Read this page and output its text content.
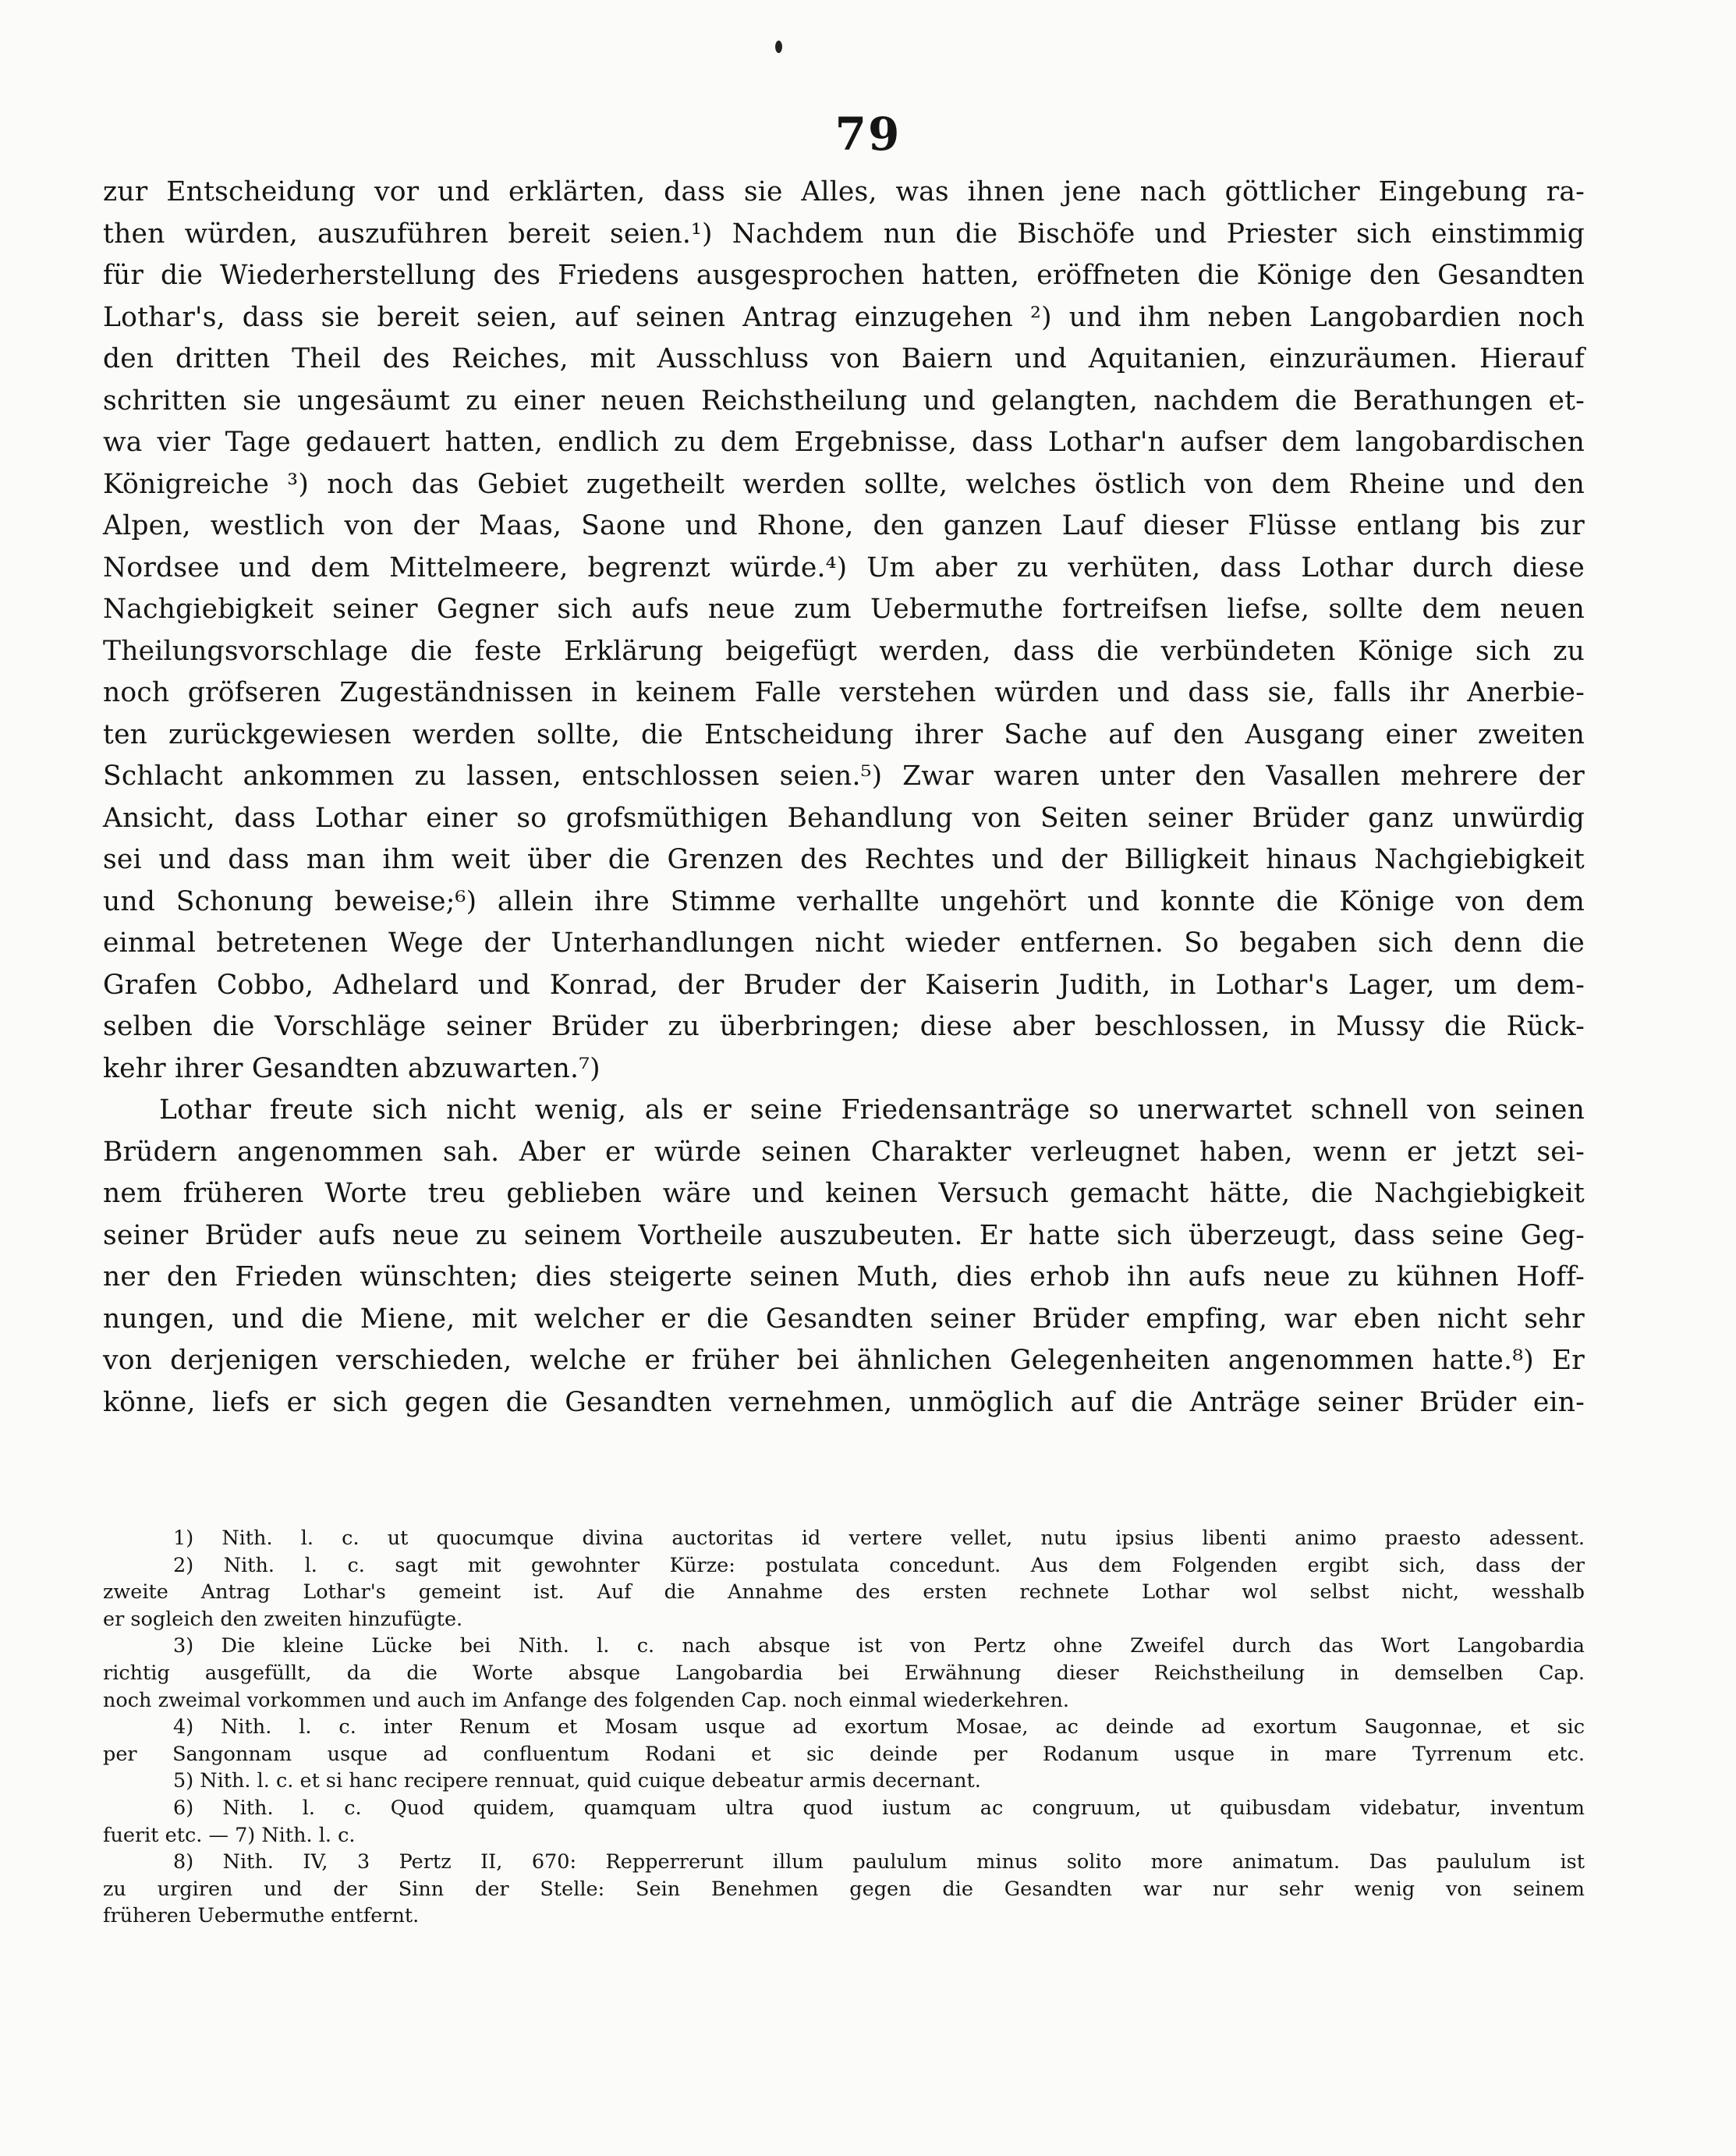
79
zur Entscheidung vor und erklärten, dass sie Alles, was ihnen jene nach göttlicher Eingebung ra-
then würden, auszuführen bereit seien.¹) Nachdem nun die Bischöfe und Priester sich einstimmig
für die Wiederherstellung des Friedens ausgesprochen hatten, eröffneten die Könige den Gesandten
Lothar's, dass sie bereit seien, auf seinen Antrag einzugehen ²) und ihm neben Langobardien noch
den dritten Theil des Reiches, mit Ausschluss von Baiern und Aquitanien, einzuräumen. Hierauf
schritten sie ungesäumt zu einer neuen Reichstheilung und gelangten, nachdem die Berathungen et-
wa vier Tage gedauert hatten, endlich zu dem Ergebnisse, dass Lothar'n aufser dem langobardischen
Königreiche ³) noch das Gebiet zugetheilt werden sollte, welches östlich von dem Rheine und den
Alpen, westlich von der Maas, Saone und Rhone, den ganzen Lauf dieser Flüsse entlang bis zur
Nordsee und dem Mittelmeere, begrenzt würde.⁴) Um aber zu verhüten, dass Lothar durch diese
Nachgiebigkeit seiner Gegner sich aufs neue zum Uebermuthe fortreifsen liefse, sollte dem neuen
Theilungsvorschlage die feste Erklärung beigefügt werden, dass die verbündeten Könige sich zu
noch gröfseren Zugeständnissen in keinem Falle verstehen würden und dass sie, falls ihr Anerbie-
ten zurückgewiesen werden sollte, die Entscheidung ihrer Sache auf den Ausgang einer zweiten
Schlacht ankommen zu lassen, entschlossen seien.⁵) Zwar waren unter den Vasallen mehrere der
Ansicht, dass Lothar einer so grofsmüthigen Behandlung von Seiten seiner Brüder ganz unwürdig
sei und dass man ihm weit über die Grenzen des Rechtes und der Billigkeit hinaus Nachgiebigkeit
und Schonung beweise;⁶) allein ihre Stimme verhallte ungehört und konnte die Könige von dem
einmal betretenen Wege der Unterhandlungen nicht wieder entfernen. So begaben sich denn die
Grafen Cobbo, Adhelard und Konrad, der Bruder der Kaiserin Judith, in Lothar's Lager, um dem-
selben die Vorschläge seiner Brüder zu überbringen; diese aber beschlossen, in Mussy die Rück-
kehr ihrer Gesandten abzuwarten.⁷)
Lothar freute sich nicht wenig, als er seine Friedensanträge so unerwartet schnell von seinen
Brüdern angenommen sah. Aber er würde seinen Charakter verleugnet haben, wenn er jetzt sei-
nem früheren Worte treu geblieben wäre und keinen Versuch gemacht hätte, die Nachgiebigkeit
seiner Brüder aufs neue zu seinem Vortheile auszubeuten. Er hatte sich überzeugt, dass seine Geg-
ner den Frieden wünschten; dies steigerte seinen Muth, dies erhob ihn aufs neue zu kühnen Hoff-
nungen, und die Miene, mit welcher er die Gesandten seiner Brüder empfing, war eben nicht sehr
von derjenigen verschieden, welche er früher bei ähnlichen Gelegenheiten angenommen hatte.⁸) Er
könne, liefs er sich gegen die Gesandten vernehmen, unmöglich auf die Anträge seiner Brüder ein-
1) Nith. l. c. ut quocumque divina auctoritas id vertere vellet, nutu ipsius libenti animo praesto adessent.
2) Nith. l. c. sagt mit gewohnter Kürze: postulata concedunt. Aus dem Folgenden ergibt sich, dass der
zweite Antrag Lothar's gemeint ist. Auf die Annahme des ersten rechnete Lothar wol selbst nicht, wesshalb
er sogleich den zweiten hinzufügte.
3) Die kleine Lücke bei Nith. l. c. nach absque ist von Pertz ohne Zweifel durch das Wort Langobardia
richtig ausgefüllt, da die Worte absque Langobardia bei Erwähnung dieser Reichstheilung in demselben Cap.
noch zweimal vorkommen und auch im Anfange des folgenden Cap. noch einmal wiederkehren.
4) Nith. l. c. inter Renum et Mosam usque ad exortum Mosae, ac deinde ad exortum Saugonnae, et sic
per Sangonnam usque ad confluentum Rodani et sic deinde per Rodanum usque in mare Tyrrenum etc.
5) Nith. l. c. et si hanc recipere rennuat, quid cuique debeatur armis decernant.
6) Nith. l. c. Quod quidem, quamquam ultra quod iustum ac congruum, ut quibusdam videbatur, inventum
fuerit etc. — 7) Nith. l. c.
8) Nith. IV, 3 Pertz II, 670: Repperrerunt illum paululum minus solito more animatum. Das paululum ist
zu urgiren und der Sinn der Stelle: Sein Benehmen gegen die Gesandten war nur sehr wenig von seinem
früheren Uebermuthe entfernt.
